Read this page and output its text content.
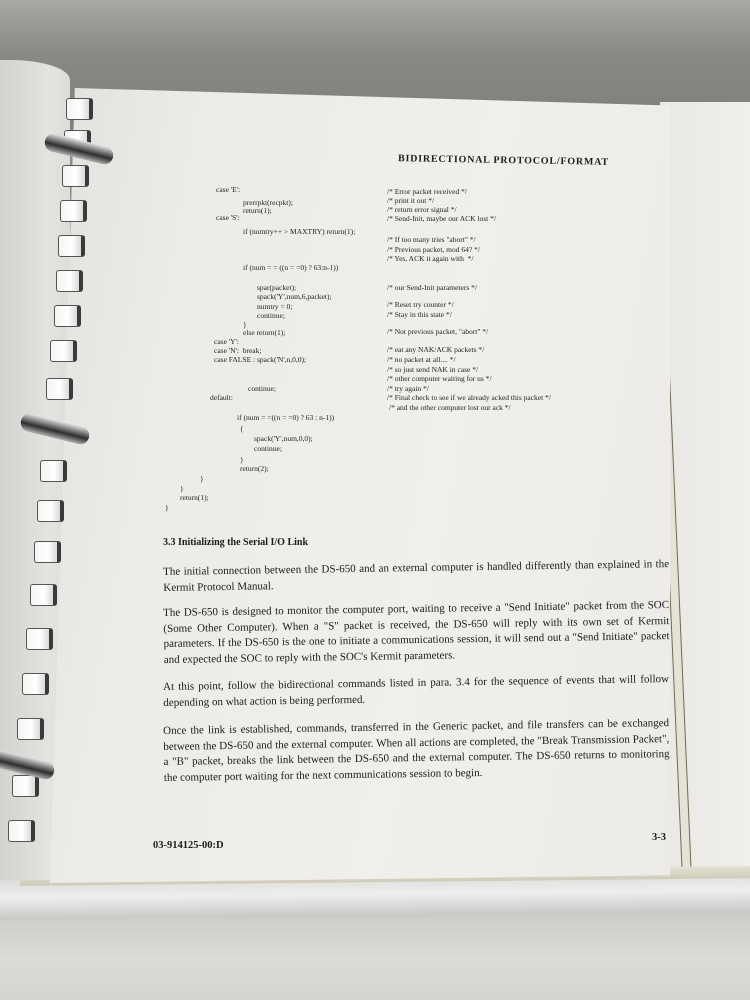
BIDIRECTIONAL PROTOCOL/FORMAT
case 'E':
prerrpkt(recpkt);
return(1);
case 'S':
if (numtry++ > MAXTRY) return(1);
if (num = = ((n = =0) ? 63:n-1))
spar(packet);
spack('Y',num,6,packet);
numtry = 0;
continue;
}
else return(1);
case 'Y':
case 'N':  break;
case FALSE : spack('N',n,0,0);
continue;
default:
if (num = =((n = =0) ? 63 : n-1))
{
spack('Y',num,0,0);
continue;
}
return(2);
}
}
return(1);
}
/* Error packet received */
/* print it out */
/* return error signal */
/* Send-Init, maybe our ACK lost */
/* If too many tries "abort" */
/* Previous packet, mod 64? */
/* Yes, ACK it again with  */
/* our Send-Init parameters */
/* Reset try counter */
/* Stay in this state */
/* Not previous packet, "abort" */
/* eat any NAK/ACK packets */
/* no packet at all.... */
/* so just send NAK in case */
/* other computer waiting for us */
/* try again */
/* Final check to see if we already acked this packet */
/* and the other computer lost our ack */
3.3 Initializing the Serial I/O Link
The initial connection between the DS-650 and an external computer is handled differently than explained in the Kermit Protocol Manual.
The DS-650 is designed to monitor the computer port, waiting to receive a "Send Initiate" packet from the SOC (Some Other Computer). When a "S" packet is received, the DS-650 will reply with its own set of Kermit parameters. If the DS-650 is the one to initiate a communications session, it will send out a "Send Initiate" packet and expected the SOC to reply with the SOC's Kermit parameters.
At this point, follow the bidirectional commands listed in para. 3.4 for the sequence of events that will follow depending on what action is being performed.
Once the link is established, commands, transferred in the Generic packet, and file transfers can be exchanged between the DS-650 and the external computer. When all actions are completed, the "Break Transmission Packet", a "B" packet, breaks the link between the DS-650 and the external computer. The DS-650 returns to monitoring the computer port waiting for the next communications session to begin.
03-914125-00:D
3-3
